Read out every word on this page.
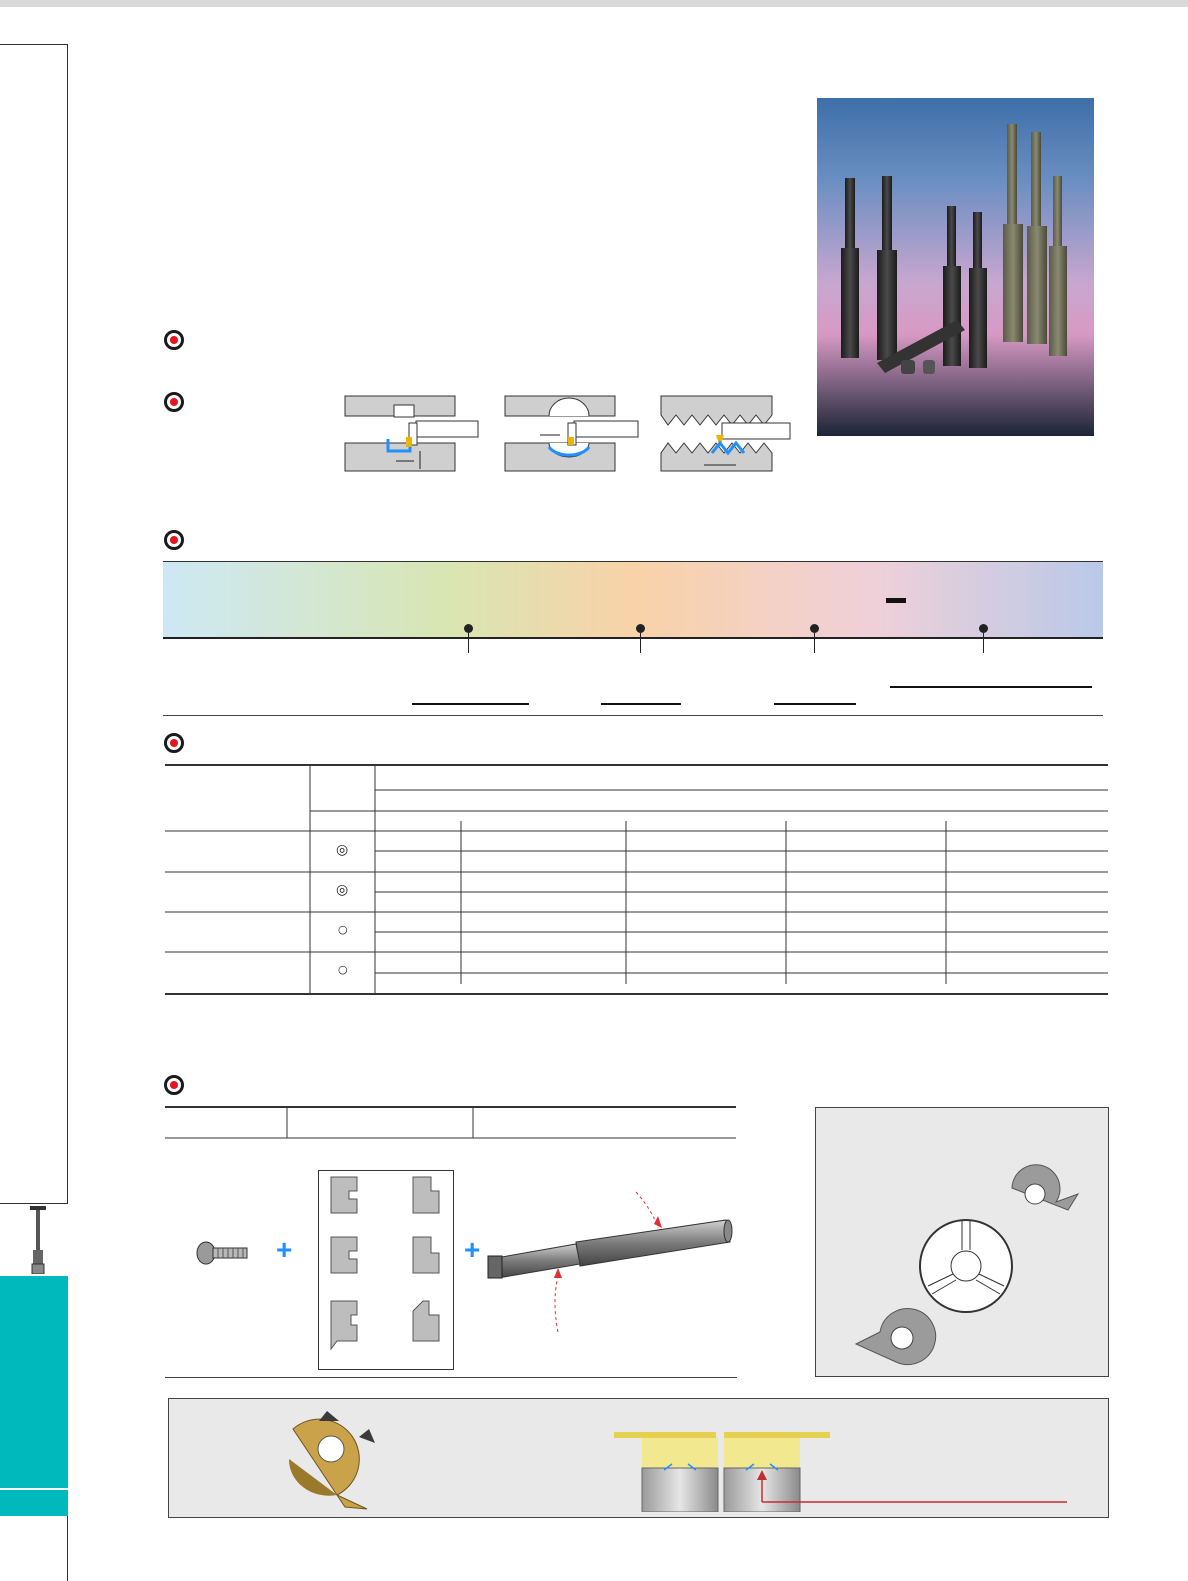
◎
◎
○
○
+	+
